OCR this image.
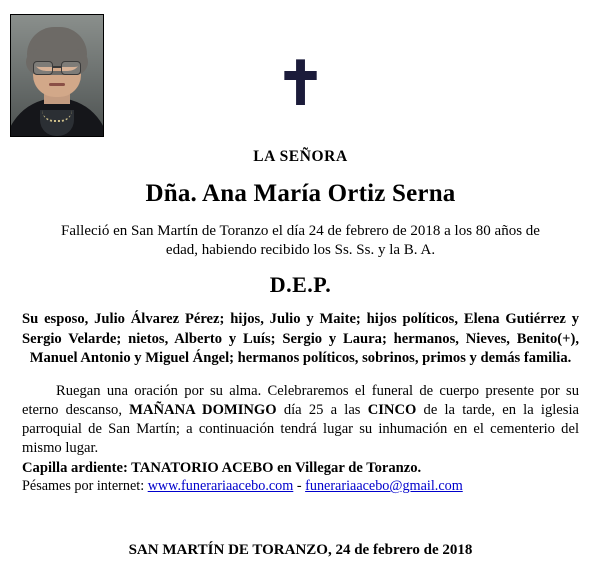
✝
LA SEÑORA
Dña. Ana María Ortiz Serna
Falleció en San Martín de Toranzo el día 24 de febrero de 2018 a los 80 años de edad, habiendo recibido los Ss. Ss. y la B. A.
D.E.P.
Su esposo, Julio Álvarez Pérez; hijos, Julio y Maite; hijos políticos, Elena Gutiérrez y Sergio Velarde; nietos, Alberto y Luís; Sergio y Laura; hermanos, Nieves, Benito(+), Manuel Antonio y Miguel Ángel; hermanos políticos, sobrinos, primos y demás familia.
Ruegan una oración por su alma. Celebraremos el funeral de cuerpo presente por su eterno descanso, MAÑANA DOMINGO día 25 a las CINCO de la tarde, en la iglesia parroquial de San Martín; a continuación tendrá lugar su inhumación en el cementerio del mismo lugar.
Capilla ardiente: TANATORIO ACEBO en Villegar de Toranzo.
Pésames por internet: www.funerariaacebo.com - funerariaacebo@gmail.com
SAN MARTÍN DE TORANZO, 24 de febrero de 2018
